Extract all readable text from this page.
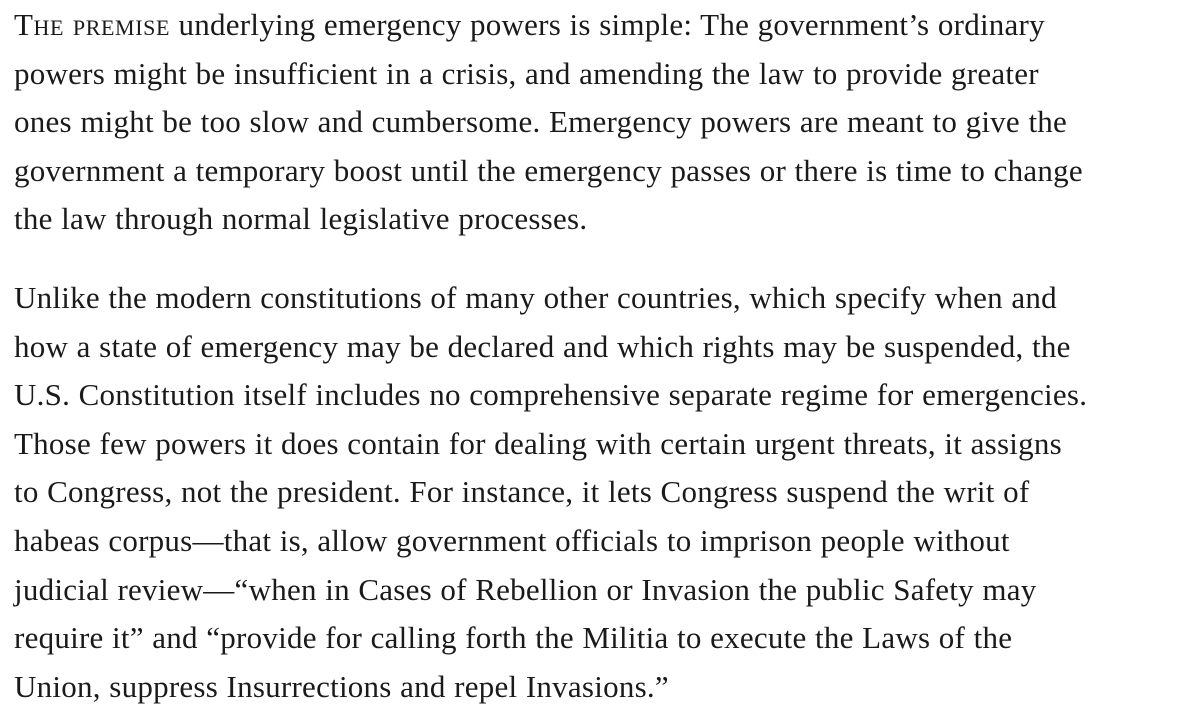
The premise underlying emergency powers is simple: The government’s ordinary
powers might be insufficient in a crisis, and amending the law to provide greater
ones might be too slow and cumbersome. Emergency powers are meant to give the
government a temporary boost until the emergency passes or there is time to change
the law through normal legislative processes.

Unlike the modern constitutions of many other countries, which specify when and
how a state of emergency may be declared and which rights may be suspended, the
U.S. Constitution itself includes no comprehensive separate regime for emergencies.
Those few powers it does contain for dealing with certain urgent threats, it assigns
to Congress, not the president. For instance, it lets Congress suspend the writ of
habeas corpus—that is, allow government officials to imprison people without
judicial review—“when in Cases of Rebellion or Invasion the public Safety may
require it” and “provide for calling forth the Militia to execute the Laws of the
Union, suppress Insurrections and repel Invasions.”
